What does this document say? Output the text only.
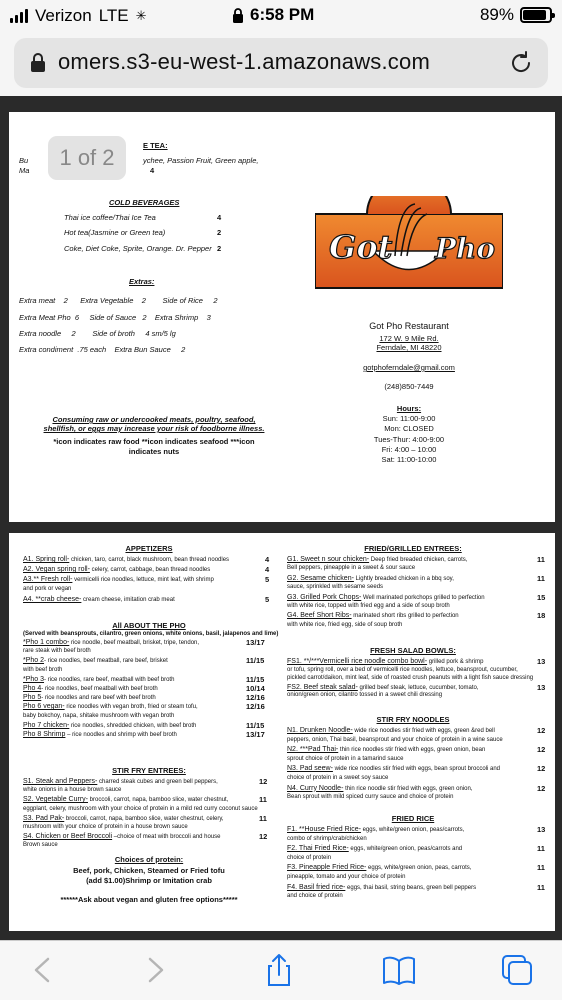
Verizon LTE ✳	6:58 PM	89%
omers.s3-eu-west-1.amazonaws.com
E TEA:
Bu	ychee, Passion Fruit, Green apple,
Ma	4
COLD BEVERAGES
Thai ice coffee/Thai Ice Tea	4
Hot tea(Jasmine or Green tea)	2
Coke, Diet Coke, Sprite, Orange. Dr. Pepper 2
Extras:
Extra meat    2      Extra Vegetable    2        Side of Rice     2
Extra Meat Pho  6     Side of Sauce   2    Extra Shrimp    3
Extra noodle     2        Side of broth     4 sm/5 lg
Extra condiment  .75 each    Extra Bun Sauce     2
Consuming raw or undercooked meats, poultry, seafood,
shellfish, or eggs may increase your risk of foodborne illness.
*icon indicates raw food **icon indicates seafood ***icon
indicates nuts
Got Pho
Got Pho Restaurant
172 W. 9 Mile Rd.
Ferndale, MI 48220
gotphoferndale@gmail.com
(248)850-7449
Hours:
Sun: 11:00-9:00
Mon: CLOSED
Tues-Thur: 4:00-9:00
Fri: 4:00 – 10:00
Sat: 11:00-10:00
1 of 2
APPETIZERS
All ABOUT THE PHO
(Served with beansprouts, cilantro, green onions, white onions, basil, jalapenos and lime)
STIR FRY ENTREES:
Choices of protein:
Beef, pork, Chicken, Steamed or Fried tofu
(add $1.00)Shrimp or Imitation crab
******Ask about vegan and gluten free options*****
FRIED/GRILLED ENTREES:
FRESH SALAD BOWLS:
STIR FRY NOODLES
FRIED RICE
A1. Spring roll- chicken, taro, carrot, black mushroom, bean thread noodles	4
A2. Vegan spring roll- celery, carrot, cabbage, bean thread noodles	4
A3.** Fresh roll- vermicelli rice noodles, lettuce, mint leaf, with shrimp	5
and pork or vegan
A4. **crab cheese- cream cheese, imitation crab meat	5
*Pho 1 combo- rice noodle, beef meatball, brisket, tripe, tendon,	13/17
rare steak with beef broth
*Pho 2- rice noodles, beef meatball, rare beef, brisket	11/15
with beef broth
*Pho 3- rice noodles, rare beef, meatball with beef broth	11/15
Pho 4- rice noodles, beef meatball with beef broth	10/14
Pho 5- rice noodles and rare beef with beef broth	12/16
Pho 6 vegan- rice noodles with vegan broth, fried or steam tofu,	12/16
baby bokchoy, napa, shitake mushroom with vegan broth
Pho 7 chicken- rice noodles, shredded chicken, with beef broth	11/15
Pho 8 Shrimp – rice noodles and shrimp with beef broth	13/17
S1. Steak and Peppers- charred steak cubes and green bell peppers,	12
white onions in a house brown sauce
S2. Vegetable Curry- broccoli, carrot, napa, bamboo slice, water chestnut,	11
eggplant, celery, mushroom with your choice of protein in a mild red curry coconut sauce
S3. Pad Pak- broccoli, carrot, napa, bamboo slice, water chestnut, celery,	11
mushroom with your choice of protein in a house brown sauce
S4. Chicken or Beef Broccoli –choice of meat with broccoli and house	12
Brown sauce
G1. Sweet n sour chicken- Deep fried breaded chicken, carrots,	11
Bell peppers, pineapple in a sweet & sour sauce
G2. Sesame chicken- Lightly breaded chicken in a bbq soy,	11
sauce, sprinkled with sesame seeds
G3. Grilled Pork Chops- Well marinated porkchops grilled to perfection	15
with white rice, topped with fried egg and a side of soup broth
G4. Beef Short Ribs- marinated short ribs grilled to perfection	18
with white rice, fried egg, side of soup broth
FS1. **/***Vermicelli rice noodle combo bowl- grilled pork & shrimp	13
or tofu, spring roll, over a bed of vermicelli rice noodles, lettuce, beansprout, cucumber,
pickled carrot/daikon, mint leaf, side of roasted crush peanuts with a light fish sauce dressing
FS2. Beef steak salad- grilled beef steak, lettuce, cucumber, tomato,	13
onion/green onion, cilantro tossed in a sweet chili dressing
N1. Drunken Noodle- wide rice noodles stir fried with eggs, green &red bell	12
peppers, onion, Thai basil, beansprout and your choice of protein in a wine sauce
N2. ***Pad Thai- thin rice noodles stir fried with eggs, green onion, bean	12
sprout choice of protein in a tamarind sauce
N3. Pad seew- wide rice noodles stir fried with eggs, bean sprout broccoli and	12
choice of protein in a sweet soy sauce
N4. Curry Noodle- thin rice noodle stir fried with eggs, green onion,	12
Bean sprout with mild spiced curry sauce and choice of protein
F1. **House Fried Rice- eggs, white/green onion, peas/carrots,	13
combo of shrimp/crab/chicken
F2. Thai Fried Rice- eggs, white/green onion, peas/carrots and	11
choice of protein
F3. Pineapple Fried Rice- eggs, white/green onion, peas, carrots,	11
pineapple, tomato and your choice of protein
F4. Basil fried rice- eggs, thai basil, string beans, green bell peppers	11
and choice of protein
